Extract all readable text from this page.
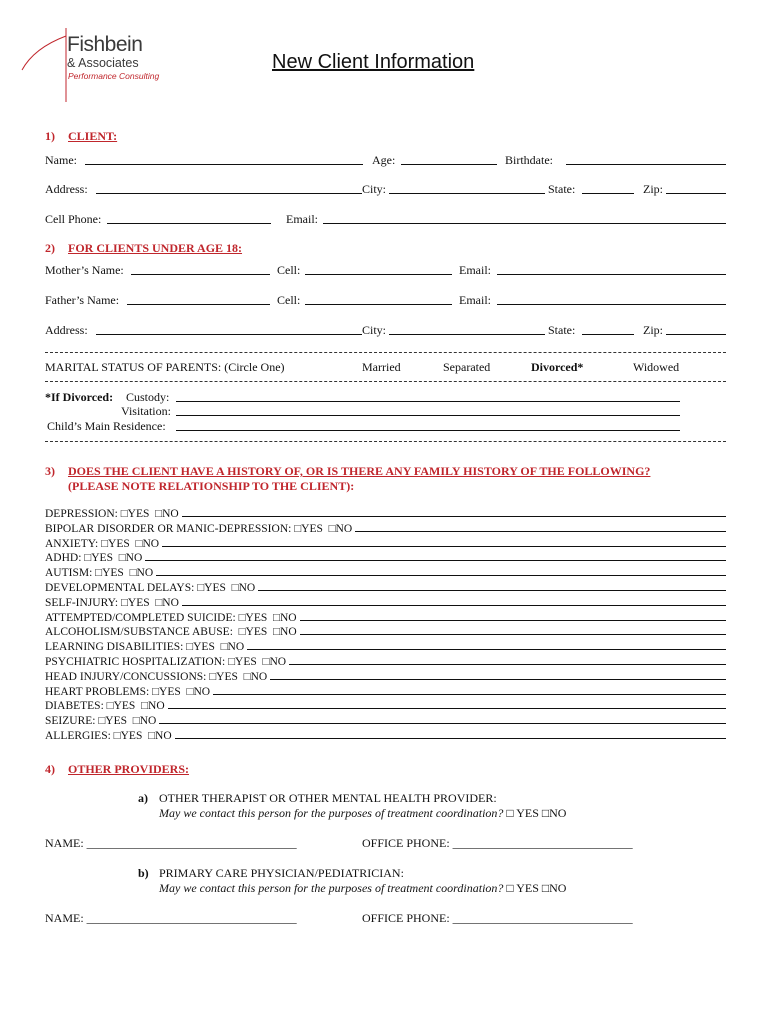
Fishbein
& Associates
Performance Consulting
New Client Information
1) CLIENT:
Name:	Age:	Birthdate:
Address:	City:	State:	Zip:
Cell Phone:	Email:
2) FOR CLIENTS UNDER AGE 18:
Mother’s Name:	Cell:	Email:
Father’s Name:	Cell:	Email:
Address:	City:	State:	Zip:
MARITAL STATUS OF PARENTS: (Circle One)	Married	Separated	Divorced*	Widowed
*If Divorced: Custody:
Visitation:
Child’s Main Residence:
3) DOES THE CLIENT HAVE A HISTORY OF, OR IS THERE ANY FAMILY HISTORY OF THE FOLLOWING?
(PLEASE NOTE RELATIONSHIP TO THE CLIENT):
DEPRESSION: □YES  □NO
BIPOLAR DISORDER OR MANIC-DEPRESSION: □YES  □NO
ANXIETY: □YES  □NO
ADHD: □YES  □NO
AUTISM: □YES  □NO
DEVELOPMENTAL DELAYS: □YES  □NO
SELF-INJURY: □YES  □NO
ATTEMPTED/COMPLETED SUICIDE: □YES  □NO
ALCOHOLISM/SUBSTANCE ABUSE:  □YES  □NO
LEARNING DISABILITIES: □YES  □NO
PSYCHIATRIC HOSPITALIZATION: □YES  □NO
HEAD INJURY/CONCUSSIONS: □YES  □NO
HEART PROBLEMS: □YES  □NO
DIABETES: □YES  □NO
SEIZURE: □YES  □NO
ALLERGIES: □YES  □NO
4) OTHER PROVIDERS:
a) OTHER THERAPIST OR OTHER MENTAL HEALTH PROVIDER:
May we contact this person for the purposes of treatment coordination? □ YES □NO
NAME: ___________________________________	OFFICE PHONE: ______________________________
b) PRIMARY CARE PHYSICIAN/PEDIATRICIAN:
May we contact this person for the purposes of treatment coordination? □ YES □NO
NAME: ___________________________________	OFFICE PHONE: ______________________________
